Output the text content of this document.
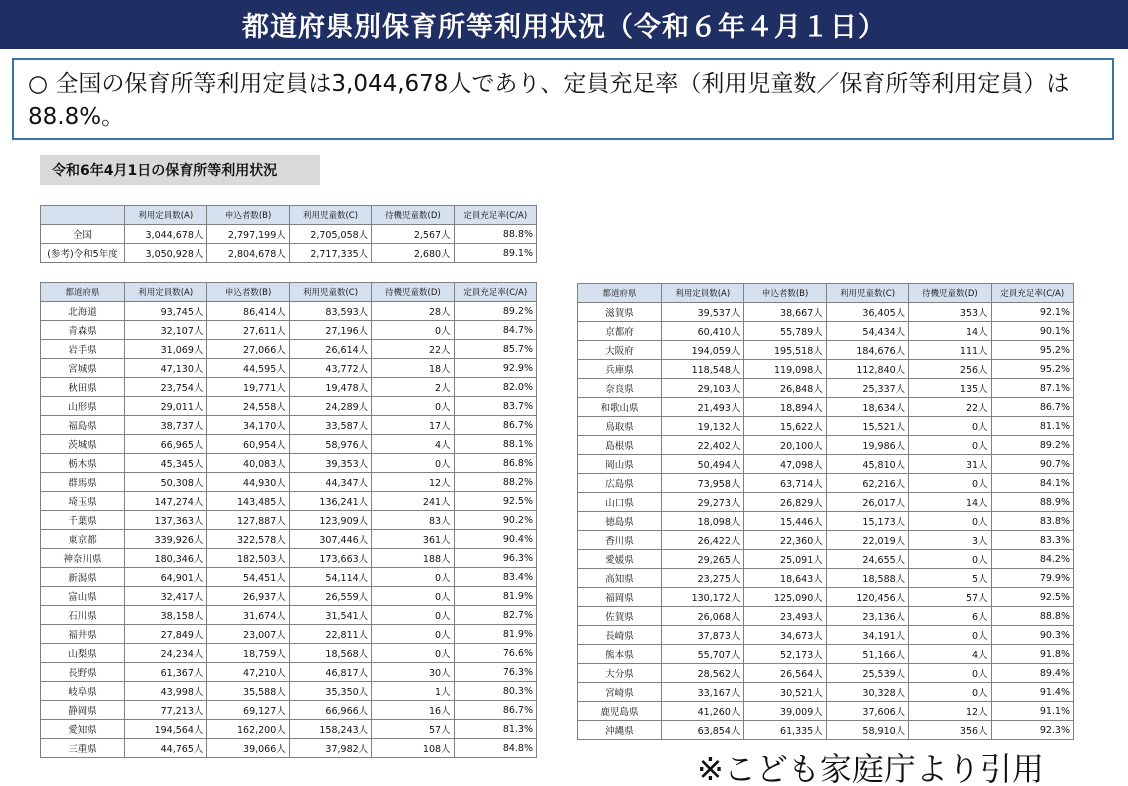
都道府県別保育所等利用状況（令和６年４月１日）
○ 全国の保育所等利用定員は3,044,678人であり、定員充足率（利用児童数／保育所等利用定員）は88.8%。
令和6年4月1日の保育所等利用状況
	利用定員数(A)	申込者数(B)	利用児童数(C)	待機児童数(D)	定員充足率(C/A)
全国	3,044,678人	2,797,199人	2,705,058人	2,567人	88.8%
(参考)令和5年度	3,050,928人	2,804,678人	2,717,335人	2,680人	89.1%
都道府県	利用定員数(A)	申込者数(B)	利用児童数(C)	待機児童数(D)	定員充足率(C/A)
北海道	93,745人	86,414人	83,593人	28人	89.2%
青森県	32,107人	27,611人	27,196人	0人	84.7%
岩手県	31,069人	27,066人	26,614人	22人	85.7%
宮城県	47,130人	44,595人	43,772人	18人	92.9%
秋田県	23,754人	19,771人	19,478人	2人	82.0%
山形県	29,011人	24,558人	24,289人	0人	83.7%
福島県	38,737人	34,170人	33,587人	17人	86.7%
茨城県	66,965人	60,954人	58,976人	4人	88.1%
栃木県	45,345人	40,083人	39,353人	0人	86.8%
群馬県	50,308人	44,930人	44,347人	12人	88.2%
埼玉県	147,274人	143,485人	136,241人	241人	92.5%
千葉県	137,363人	127,887人	123,909人	83人	90.2%
東京都	339,926人	322,578人	307,446人	361人	90.4%
神奈川県	180,346人	182,503人	173,663人	188人	96.3%
新潟県	64,901人	54,451人	54,114人	0人	83.4%
富山県	32,417人	26,937人	26,559人	0人	81.9%
石川県	38,158人	31,674人	31,541人	0人	82.7%
福井県	27,849人	23,007人	22,811人	0人	81.9%
山梨県	24,234人	18,759人	18,568人	0人	76.6%
長野県	61,367人	47,210人	46,817人	30人	76.3%
岐阜県	43,998人	35,588人	35,350人	1人	80.3%
静岡県	77,213人	69,127人	66,966人	16人	86.7%
愛知県	194,564人	162,200人	158,243人	57人	81.3%
三重県	44,765人	39,066人	37,982人	108人	84.8%
都道府県	利用定員数(A)	申込者数(B)	利用児童数(C)	待機児童数(D)	定員充足率(C/A)
滋賀県	39,537人	38,667人	36,405人	353人	92.1%
京都府	60,410人	55,789人	54,434人	14人	90.1%
大阪府	194,059人	195,518人	184,676人	111人	95.2%
兵庫県	118,548人	119,098人	112,840人	256人	95.2%
奈良県	29,103人	26,848人	25,337人	135人	87.1%
和歌山県	21,493人	18,894人	18,634人	22人	86.7%
鳥取県	19,132人	15,622人	15,521人	0人	81.1%
島根県	22,402人	20,100人	19,986人	0人	89.2%
岡山県	50,494人	47,098人	45,810人	31人	90.7%
広島県	73,958人	63,714人	62,216人	0人	84.1%
山口県	29,273人	26,829人	26,017人	14人	88.9%
徳島県	18,098人	15,446人	15,173人	0人	83.8%
香川県	26,422人	22,360人	22,019人	3人	83.3%
愛媛県	29,265人	25,091人	24,655人	0人	84.2%
高知県	23,275人	18,643人	18,588人	5人	79.9%
福岡県	130,172人	125,090人	120,456人	57人	92.5%
佐賀県	26,068人	23,493人	23,136人	6人	88.8%
長崎県	37,873人	34,673人	34,191人	0人	90.3%
熊本県	55,707人	52,173人	51,166人	4人	91.8%
大分県	28,562人	26,564人	25,539人	0人	89.4%
宮崎県	33,167人	30,521人	30,328人	0人	91.4%
鹿児島県	41,260人	39,009人	37,606人	12人	91.1%
沖縄県	63,854人	61,335人	58,910人	356人	92.3%
※こども家庭庁より引用
